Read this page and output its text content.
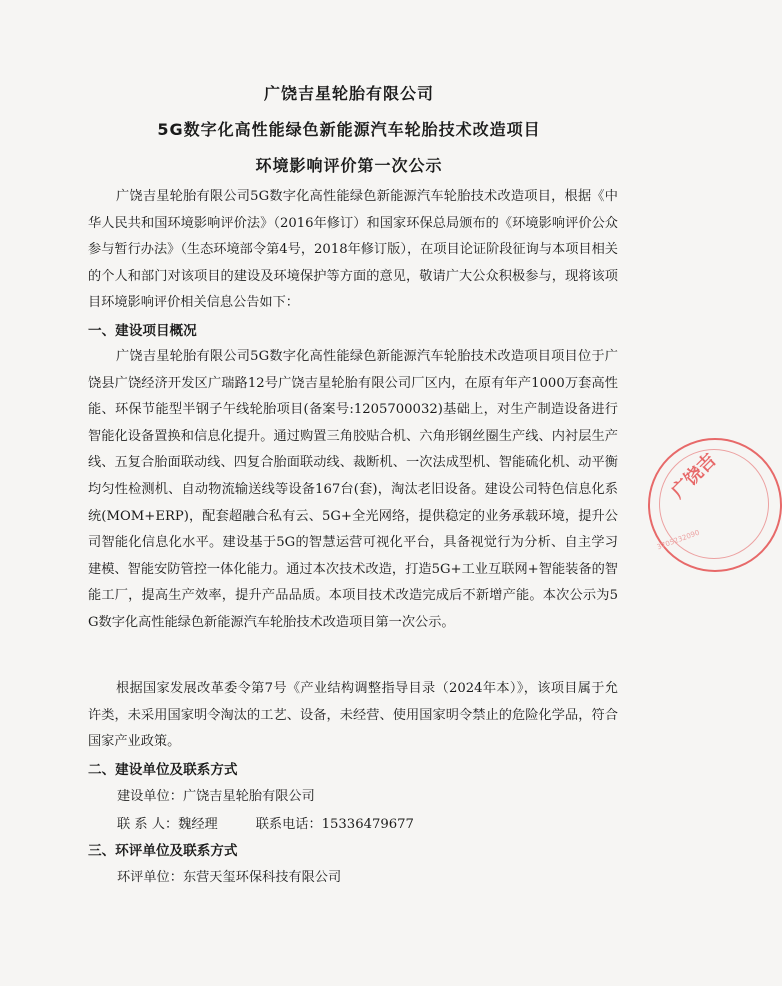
广饶吉星轮胎有限公司
5G数字化高性能绿色新能源汽车轮胎技术改造项目
环境影响评价第一次公示
广饶吉星轮胎有限公司5G数字化高性能绿色新能源汽车轮胎技术改造项目，根据《中华人民共和国环境影响评价法》（2016年修订）和国家环保总局颁布的《环境影响评价公众参与暂行办法》（生态环境部令第4号，2018年修订版），在项目论证阶段征询与本项目相关的个人和部门对该项目的建设及环境保护等方面的意见，敬请广大公众积极参与，现将该项目环境影响评价相关信息公告如下：
一、建设项目概况
广饶吉星轮胎有限公司5G数字化高性能绿色新能源汽车轮胎技术改造项目项目位于广饶县广饶经济开发区广瑞路12号广饶吉星轮胎有限公司厂区内，在原有年产1000万套高性能、环保节能型半钢子午线轮胎项目(备案号:1205700032)基础上，对生产制造设备进行智能化设备置换和信息化提升。通过购置三角胶贴合机、六角形钢丝圈生产线、内衬层生产线、五复合胎面联动线、四复合胎面联动线、裁断机、一次法成型机、智能硫化机、动平衡均匀性检测机、自动物流输送线等设备167台(套)，淘汰老旧设备。建设公司特色信息化系统(MOM+ERP)，配套超融合私有云、5G+全光网络，提供稳定的业务承载环境，提升公司智能化信息化水平。建设基于5G的智慧运营可视化平台，具备视觉行为分析、自主学习建模、智能安防管控一体化能力。通过本次技术改造，打造5G+工业互联网+智能装备的智能工厂，提高生产效率，提升产品品质。本项目技术改造完成后不新增产能。本次公示为5G数字化高性能绿色新能源汽车轮胎技术改造项目第一次公示。
根据国家发展改革委令第7号《产业结构调整指导目录（2024年本）》，该项目属于允许类，未采用国家明令淘汰的工艺、设备，未经营、使用国家明令禁止的危险化学品，符合国家产业政策。
二、建设单位及联系方式
建设单位：广饶吉星轮胎有限公司
联 系 人：魏经理	联系电话：15336479677
三、环评单位及联系方式
环评单位：东营天玺环保科技有限公司
广饶吉
3705232090
